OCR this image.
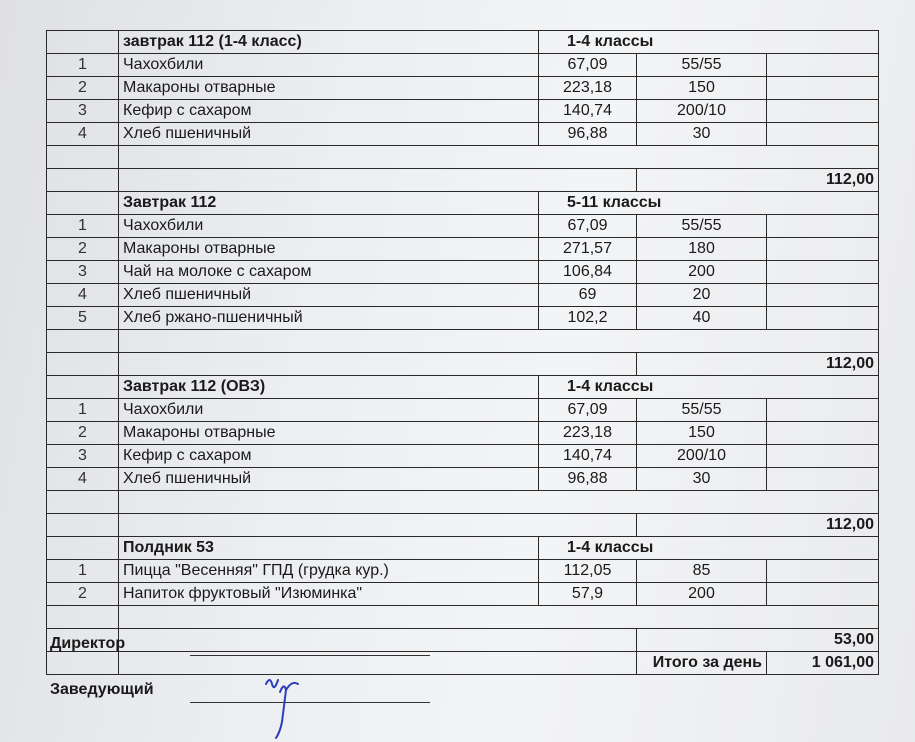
	завтрак 112 (1-4 класс)	1-4 классы		
1	Чахохбили	67,09	55/55	
2	Макароны отварные	223,18	150	
3	Кефир с сахаром	140,74	200/10	
4	Хлеб пшеничный	96,88	30	

			112,00	
	Завтрак 112	5-11 классы		
1	Чахохбили	67,09	55/55	
2	Макароны отварные	271,57	180	
3	Чай на молоке с сахаром	106,84	200	
4	Хлеб пшеничный	69	20	
5	Хлеб ржано-пшеничный	102,2	40	

			112,00	
	Завтрак 112 (ОВЗ)	1-4 классы		
1	Чахохбили	67,09	55/55	
2	Макароны отварные	223,18	150	
3	Кефир с сахаром	140,74	200/10	
4	Хлеб пшеничный	96,88	30	

			112,00	
	Полдник 53	1-4 классы		
1	Пицца "Весенняя" ГПД (грудка кур.)	112,05	85	
2	Напиток фруктовый "Изюминка"	57,9	200	

			53,00	
			Итого за день	1 061,00
Директор
Заведующий
